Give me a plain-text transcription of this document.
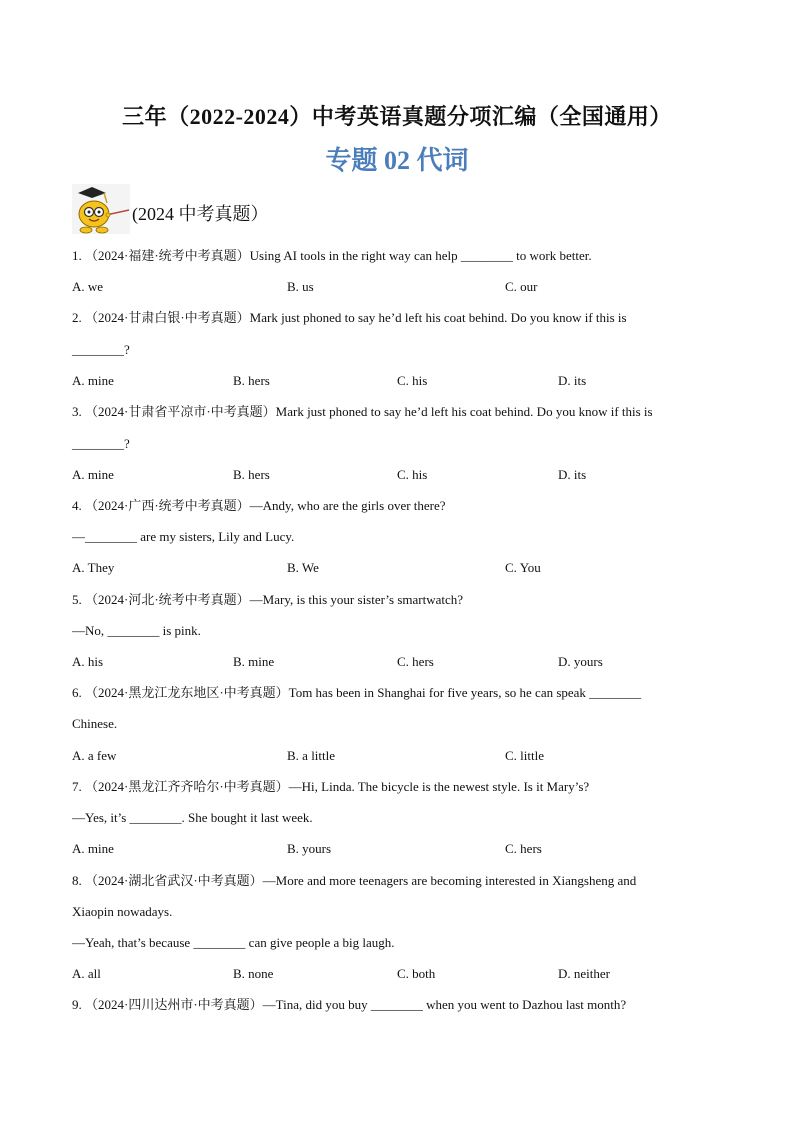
三年（2022-2024）中考英语真题分项汇编（全国通用）
专题 02 代词
(2024 中考真题）
1. （2024·福建·统考中考真题）Using AI tools in the right way can help ________ to work better.
A. we	B. us	C. our
2. （2024·甘肃白银·中考真题）Mark just phoned to say he’d left his coat behind. Do you know if this is
________?
A. mine	B. hers	C. his	D. its
3. （2024·甘肃省平凉市·中考真题）Mark just phoned to say he’d left his coat behind. Do you know if this is
________?
A. mine	B. hers	C. his	D. its
4. （2024·广西·统考中考真题）—Andy, who are the girls over there?
—________ are my sisters, Lily and Lucy.
A. They	B. We	C. You
5. （2024·河北·统考中考真题）—Mary, is this your sister’s smartwatch?
—No, ________ is pink.
A. his	B. mine	C. hers	D. yours
6. （2024·黑龙江龙东地区·中考真题）Tom has been in Shanghai for five years, so he can speak ________
Chinese.
A. a few	B. a little	C. little
7. （2024·黑龙江齐齐哈尔·中考真题）—Hi, Linda. The bicycle is the newest style. Is it Mary’s?
—Yes, it’s ________. She bought it last week.
A. mine	B. yours	C. hers
8. （2024·湖北省武汉·中考真题）—More and more teenagers are becoming interested in Xiangsheng and
Xiaopin nowadays.
—Yeah, that’s because ________ can give people a big laugh.
A. all	B. none	C. both	D. neither
9. （2024·四川达州市·中考真题）—Tina, did you buy ________ when you went to Dazhou last month?
